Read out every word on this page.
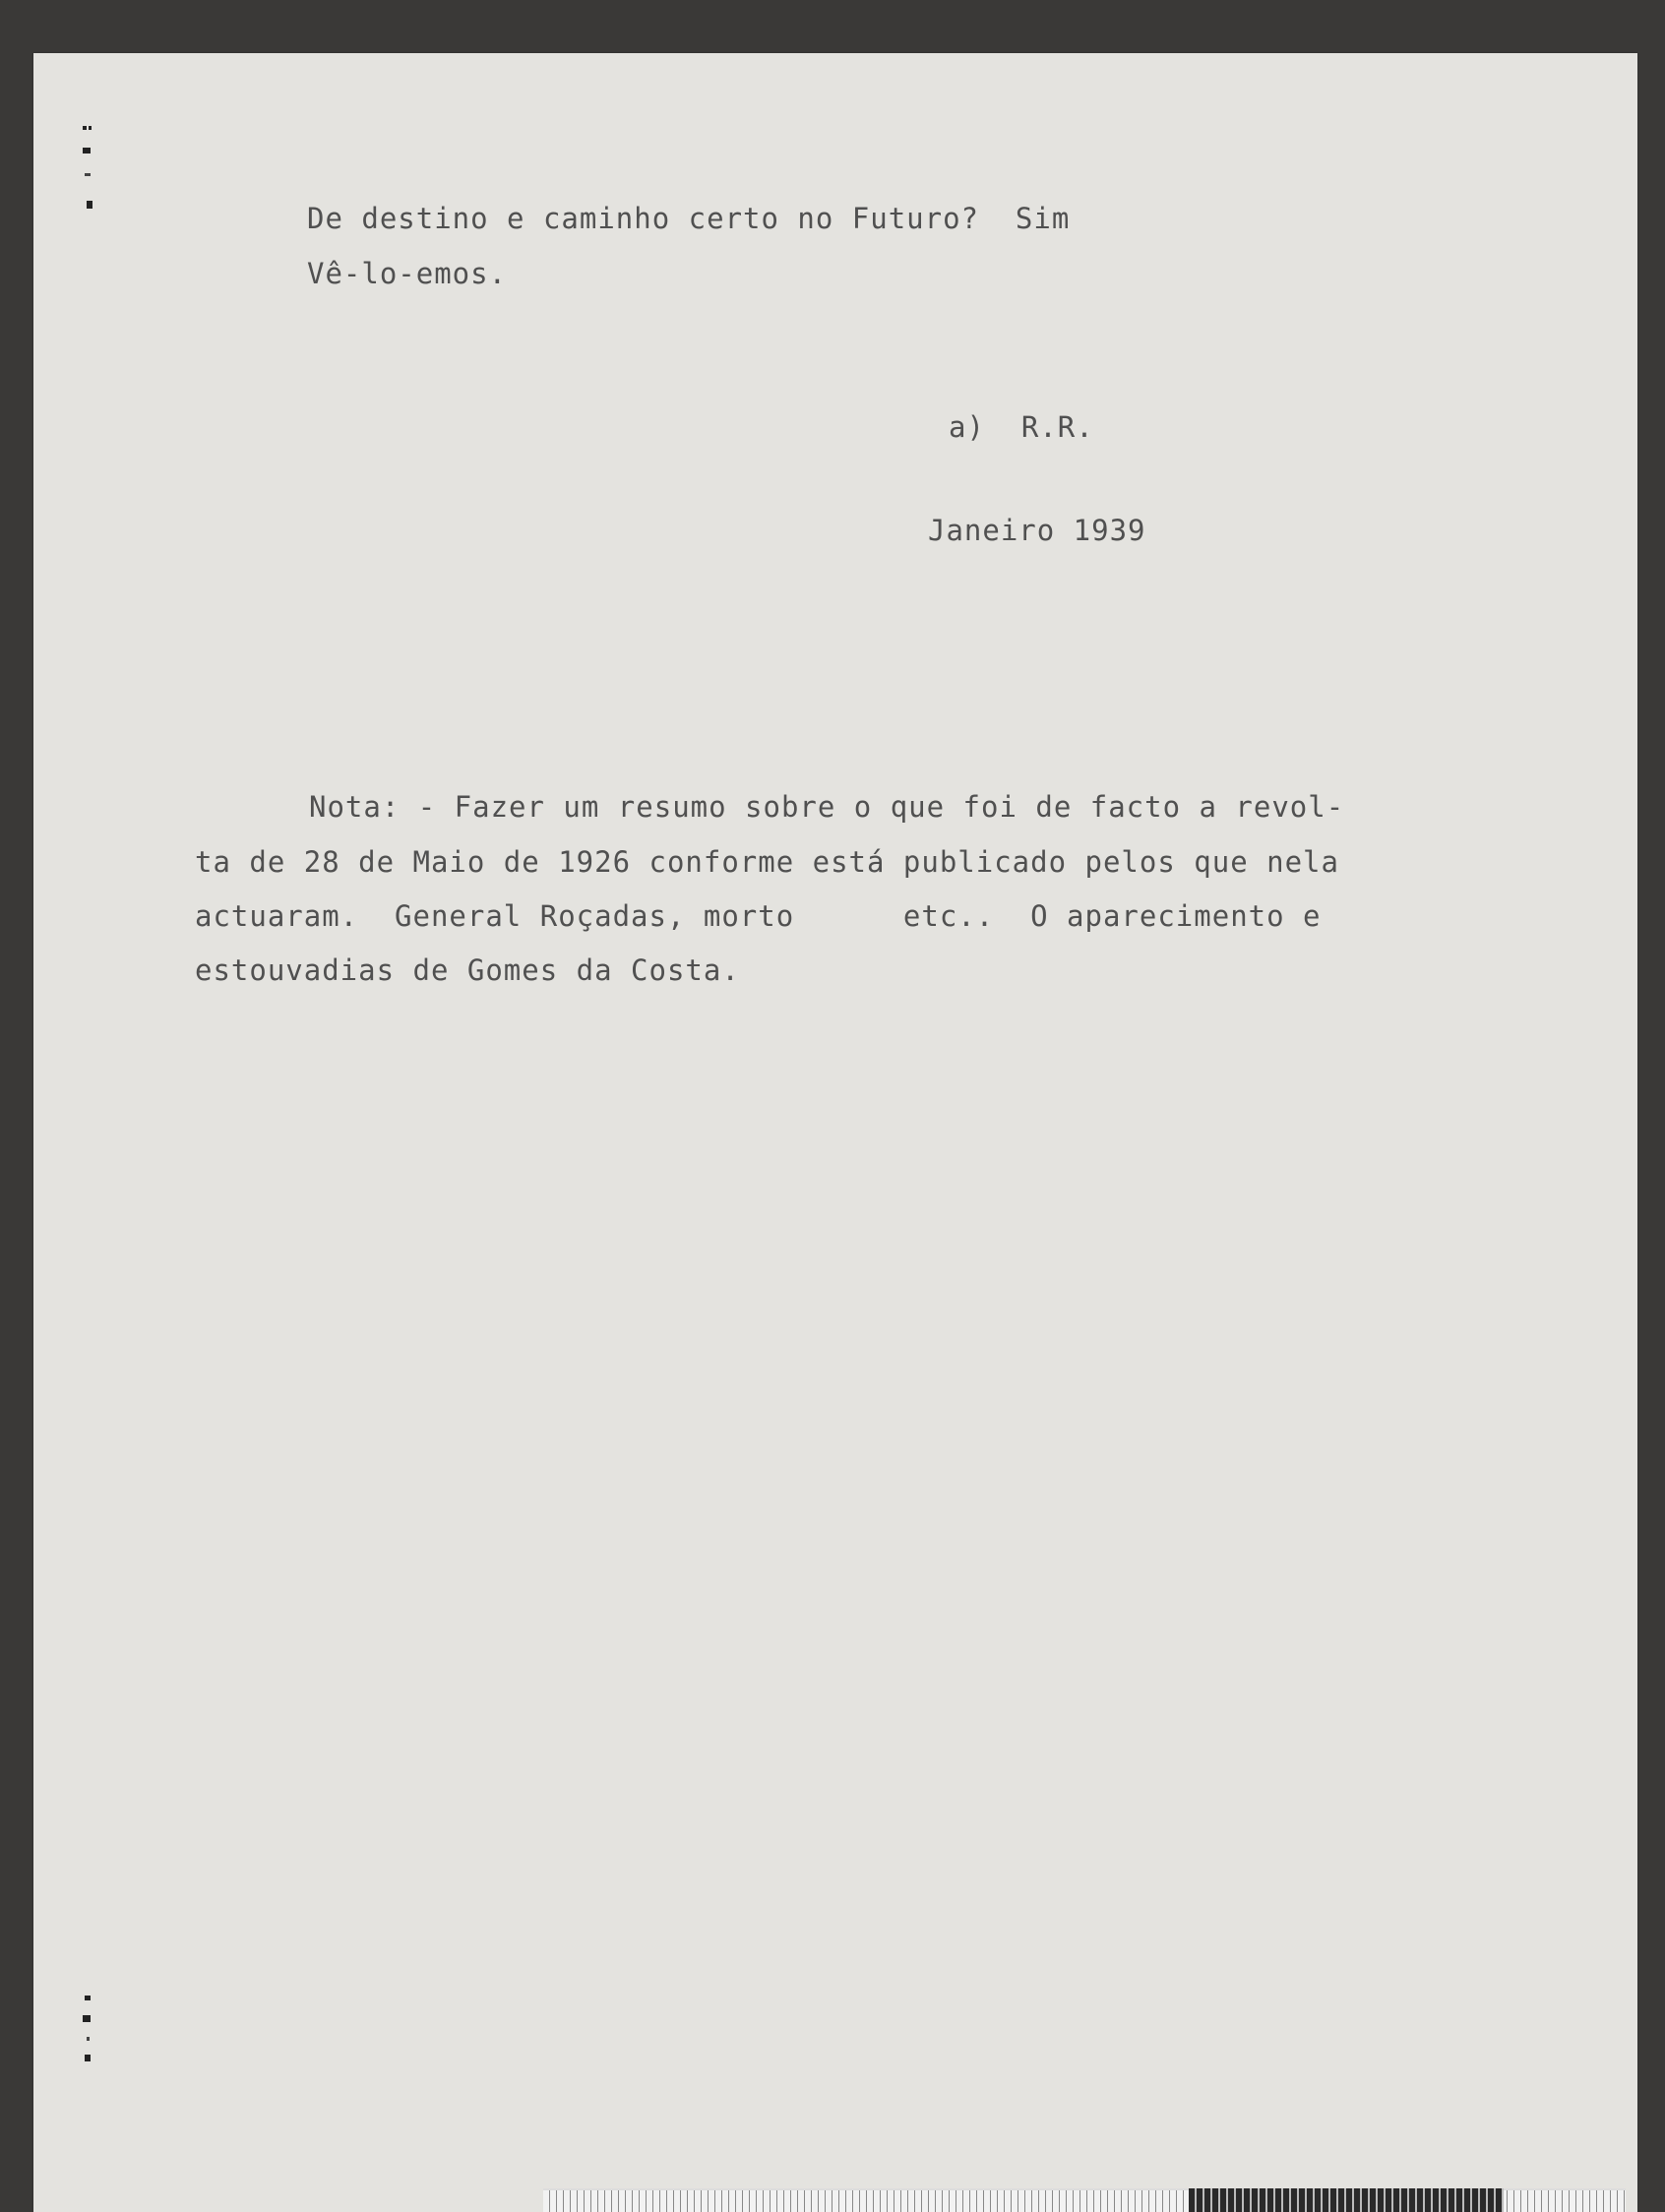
De destino e caminho certo no Futuro?  Sim
Vê-lo-emos.
a)  R.R.
Janeiro 1939
Nota: - Fazer um resumo sobre o que foi de facto a revol-
ta de 28 de Maio de 1926 conforme está publicado pelos que nela
actuaram.  General Roçadas, morto      etc..  O aparecimento e
estouvadias de Gomes da Costa.
